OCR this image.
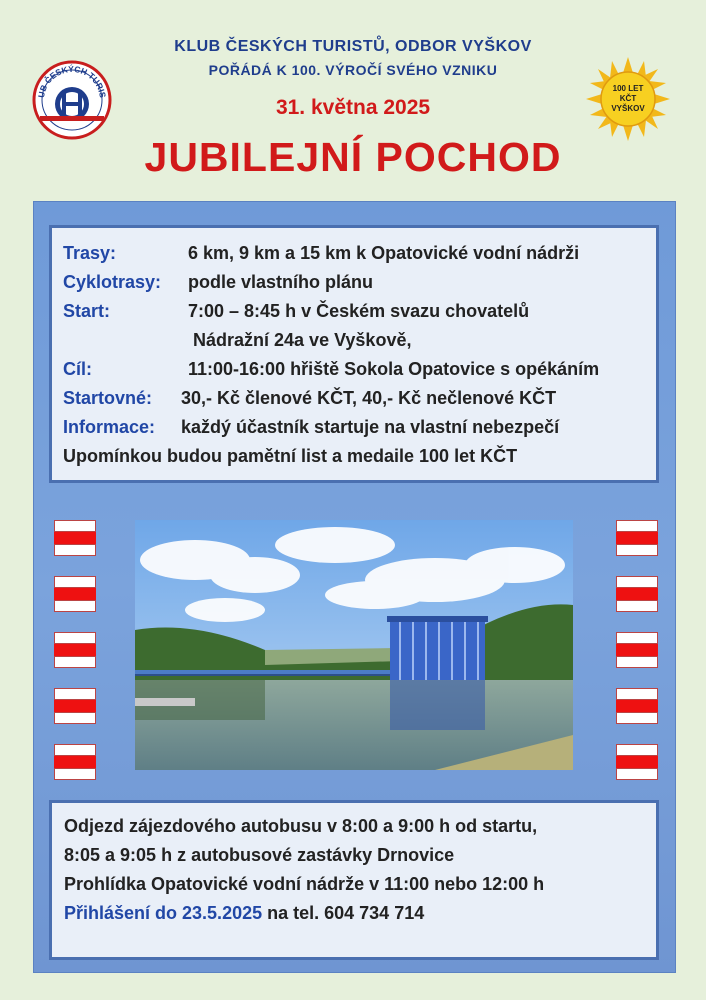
KLUB ČESKÝCH TURISTŮ, ODBOR VYŠKOV
POŘÁDÁ K 100. VÝROČÍ SVÉHO VZNIKU
31. května 2025
JUBILEJNÍ POCHOD
UB ČESKÝCH TURIS
100 LET
KČT
VYŠKOV
Trasy:	6 km, 9 km a 15 km k Opatovické vodní nádrži
Cyklotrasy: podle vlastního plánu
Start:	7:00 – 8:45 h v Českém svazu chovatelů
Nádražní 24a ve Vyškově,
Cíl:	11:00-16:00 hřiště Sokola Opatovice s opékáním
Startovné: 30,- Kč členové KČT, 40,- Kč nečlenové KČT
Informace: každý účastník startuje na vlastní nebezpečí
Upomínkou budou pamětní list a medaile 100 let KČT
Odjezd zájezdového autobusu v 8:00 a 9:00 h od startu,
8:05 a 9:05 h z autobusové zastávky Drnovice
Prohlídka Opatovické vodní nádrže v 11:00 nebo 12:00 h
Přihlášení do 23.5.2025 na tel. 604 734 714
